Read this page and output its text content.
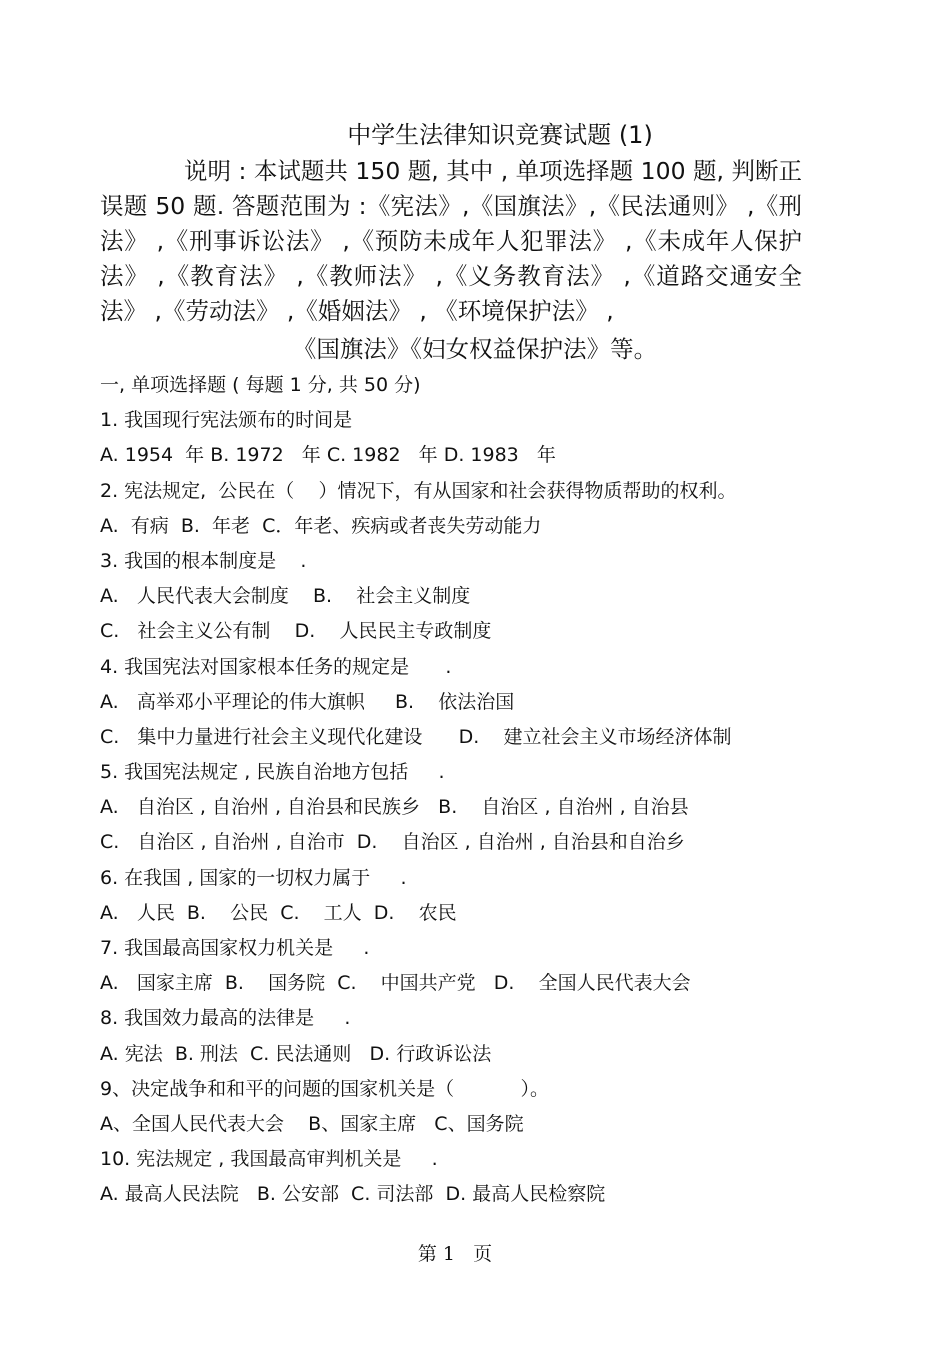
中学生法律知识竞赛试题 (1)

说明 : 本试题共 150 题, 其中 , 单项选择题 100 题, 判断正误题 50 题. 答题范围为 :《宪法》,《国旗法》,《民法通则》 ,《刑法》 ,《刑事诉讼法》 ,《预防未成年人犯罪法》 ,《未成年人保护法》 ,《教育法》 ,《教师法》 ,《义务教育法》 ,《道路交通安全法》 ,《劳动法》 ,《婚姻法》 , 《环境保护法》 ,

《国旗法》《妇女权益保护法》等。
一, 单项选择题 ( 每题 1 分, 共 50 分)
1. 我国现行宪法颁布的时间是
A. 1954  年 B. 1972   年 C. 1982   年 D. 1983   年
2. 宪法规定,  公民在（    ）情况下，有从国家和社会获得物质帮助的权利。
A.  有病  B.  年老  C．年老、疾病或者丧失劳动能力
3. 我国的根本制度是    .
A.   人民代表大会制度    B.    社会主义制度
C.   社会主义公有制    D.    人民民主专政制度
4. 我国宪法对国家根本任务的规定是      .
A.   高举邓小平理论的伟大旗帜     B.    依法治国
C.   集中力量进行社会主义现代化建设      D.    建立社会主义市场经济体制
5. 我国宪法规定 , 民族自治地方包括     .
A.   自治区 , 自治州 , 自治县和民族乡   B.    自治区 , 自治州 , 自治县
C.   自治区 , 自治州 , 自治市  D.    自治区 , 自治州 , 自治县和自治乡
6. 在我国 , 国家的一切权力属于     .
A.   人民  B.    公民  C.    工人  D.    农民
7. 我国最高国家权力机关是     .
A.   国家主席  B.    国务院  C.    中国共产党   D.    全国人民代表大会
8. 我国效力最高的法律是     .
A. 宪法  B. 刑法  C. 民法通则   D. 行政诉讼法
9、决定战争和和平的问题的国家机关是（           ）。
A、全国人民代表大会    B、国家主席   C、国务院
10. 宪法规定 , 我国最高审判机关是     .
A. 最高人民法院   B. 公安部  C. 司法部  D. 最高人民检察院
第 1   页
